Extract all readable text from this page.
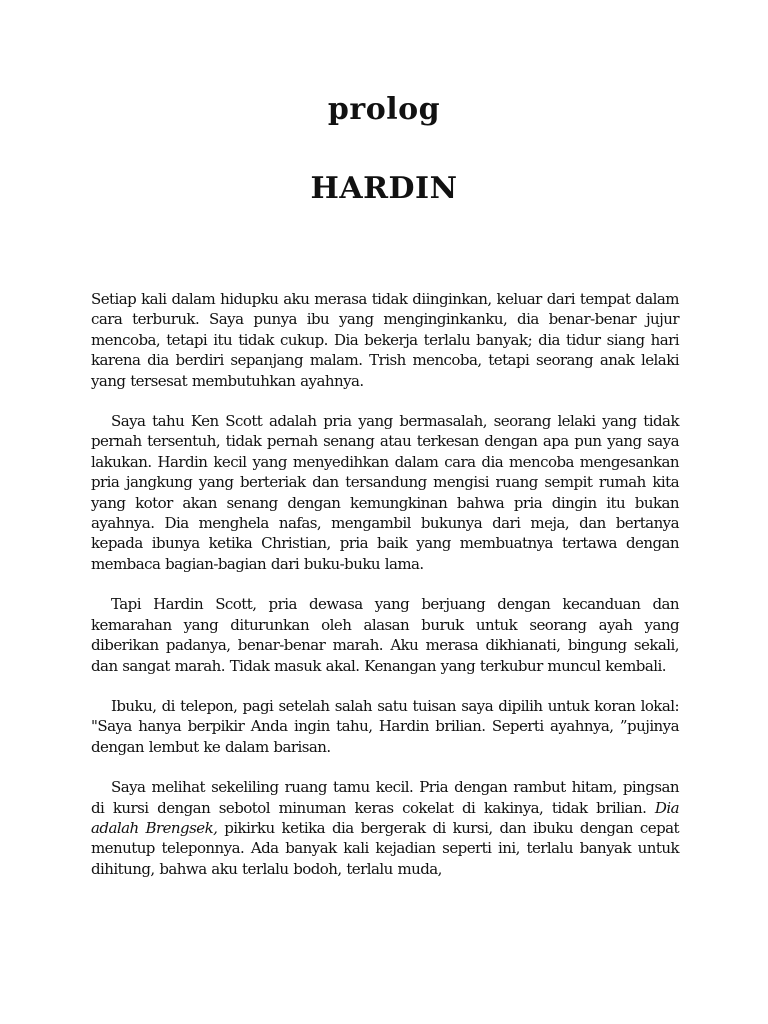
prolog
HARDIN

Setiap kali dalam hidupku aku merasa tidak diinginkan, keluar dari tempat dalam cara terburuk. Saya punya ibu yang menginginkanku, dia benar-benar jujur mencoba, tetapi itu tidak cukup. Dia bekerja terlalu banyak; dia tidur siang hari karena dia berdiri sepanjang malam. Trish mencoba, tetapi seorang anak lelaki yang tersesat membutuhkan ayahnya.

Saya tahu Ken Scott adalah pria yang bermasalah, seorang lelaki yang tidak pernah tersentuh, tidak pernah senang atau terkesan dengan apa pun yang saya lakukan. Hardin kecil yang menyedihkan dalam cara dia mencoba mengesankan pria jangkung yang berteriak dan tersandung mengisi ruang sempit rumah kita yang kotor akan senang dengan kemungkinan bahwa pria dingin itu bukan ayahnya. Dia menghela nafas, mengambil bukunya dari meja, dan bertanya kepada ibunya ketika Christian, pria baik yang membuatnya tertawa dengan membaca bagian-bagian dari buku-buku lama.

Tapi Hardin Scott, pria dewasa yang berjuang dengan kecanduan dan kemarahan yang diturunkan oleh alasan buruk untuk seorang ayah yang diberikan padanya, benar-benar marah. Aku merasa dikhianati, bingung sekali, dan sangat marah. Tidak masuk akal. Kenangan yang terkubur muncul kembali.

Ibuku, di telepon, pagi setelah salah satu tuisan saya dipilih untuk koran lokal: "Saya hanya berpikir Anda ingin tahu, Hardin brilian. Seperti ayahnya, ”pujinya dengan lembut ke dalam barisan.

Saya melihat sekeliling ruang tamu kecil. Pria dengan rambut hitam, pingsan di kursi dengan sebotol minuman keras cokelat di kakinya, tidak brilian. Dia adalah Brengsek, pikirku ketika dia bergerak di kursi, dan ibuku dengan cepat menutup teleponnya. Ada banyak kali kejadian seperti ini, terlalu banyak untuk dihitung, bahwa aku terlalu bodoh, terlalu muda,
